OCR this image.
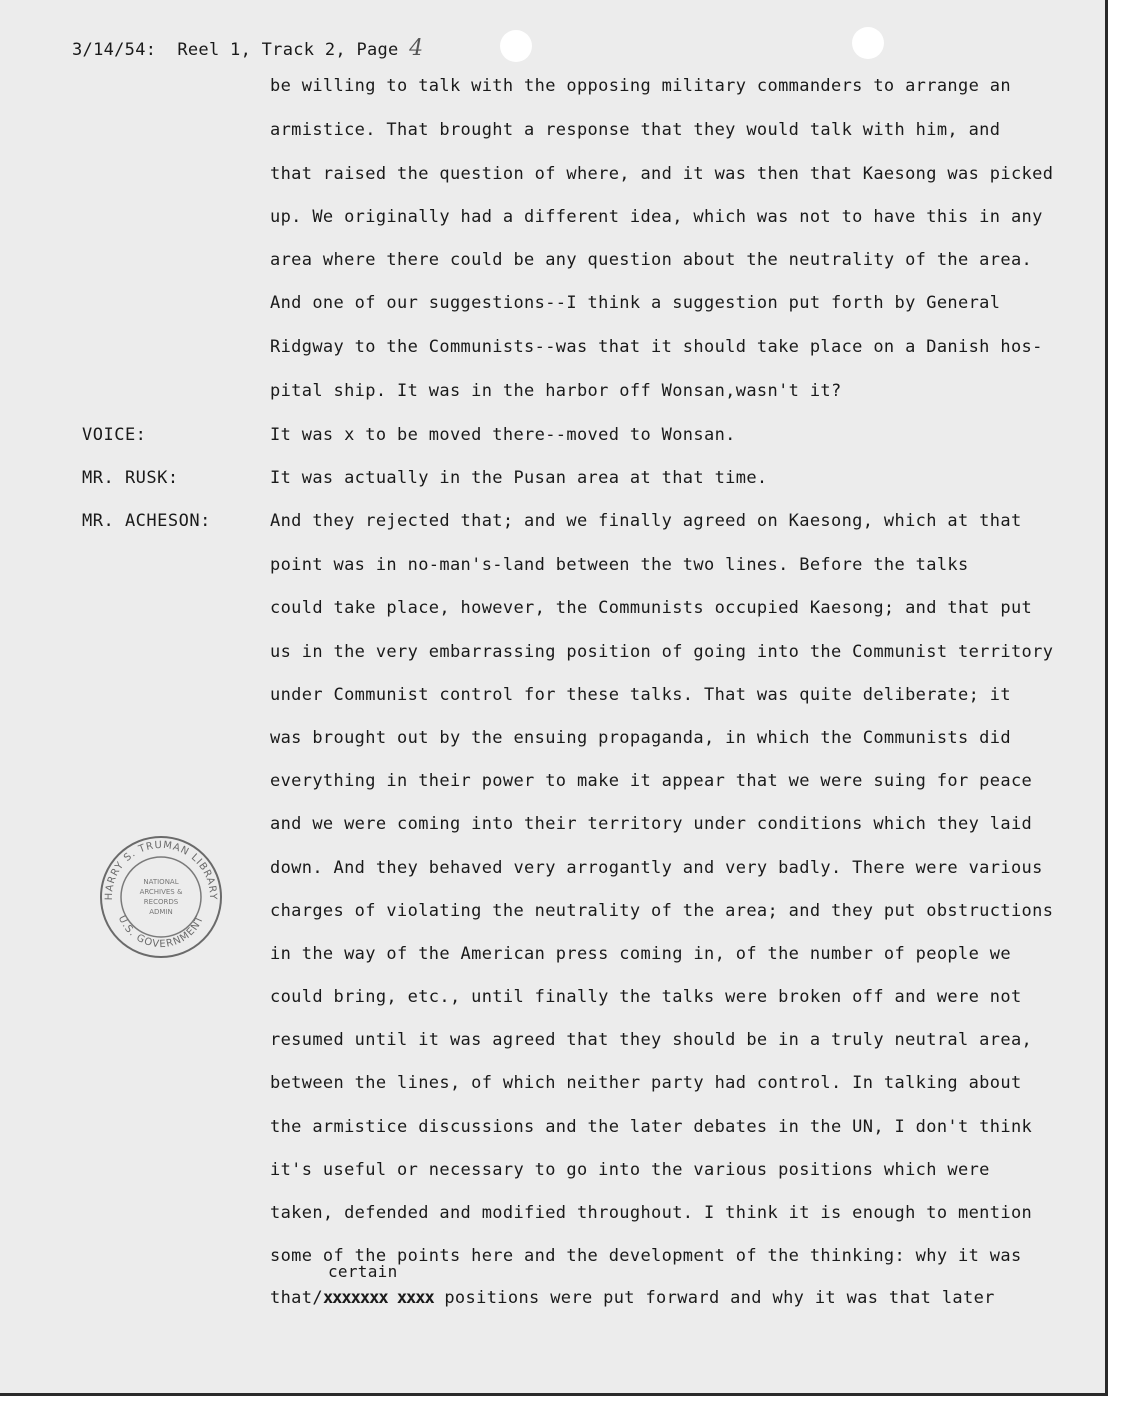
3/14/54: Reel 1, Track 2, Page 4
be willing to talk with the opposing military commanders to arrange an
armistice. That brought a response that they would talk with him, and
that raised the question of where, and it was then that Kaesong was picked
up. We originally had a different idea, which was not to have this in any
area where there could be any question about the neutrality of the area.
And one of our suggestions--I think a suggestion put forth by General
Ridgway to the Communists--was that it should take place on a Danish hos-
pital ship. It was in the harbor off Wonsan,wasn't it?
VOICE:	It was x to be moved there--moved to Wonsan.
MR. RUSK:	It was actually in the Pusan area at that time.
MR. ACHESON:	And they rejected that; and we finally agreed on Kaesong, which at that
point was in no-man's-land between the two lines. Before the talks
could take place, however, the Communists occupied Kaesong; and that put
us in the very embarrassing position of going into the Communist territory
under Communist control for these talks. That was quite deliberate; it
was brought out by the ensuing propaganda, in which the Communists did
everything in their power to make it appear that we were suing for peace
and we were coming into their territory under conditions which they laid
down. And they behaved very arrogantly and very badly. There were various
charges of violating the neutrality of the area; and they put obstructions
in the way of the American press coming in, of the number of people we
could bring, etc., until finally the talks were broken off and were not
resumed until it was agreed that they should be in a truly neutral area,
between the lines, of which neither party had control. In talking about
the armistice discussions and the later debates in the UN, I don't think
it's useful or necessary to go into the various positions which were
taken, defended and modified throughout. I think it is enough to mention
some of the points here and the development of the thinking: why it was
certain
that/xxxxxxx xxxx positions were put forward and why it was that later
HARRY S. TRUMAN LIBRARY
U.S. GOVERNMENT
NATIONAL
ARCHIVES &
RECORDS
ADMIN
